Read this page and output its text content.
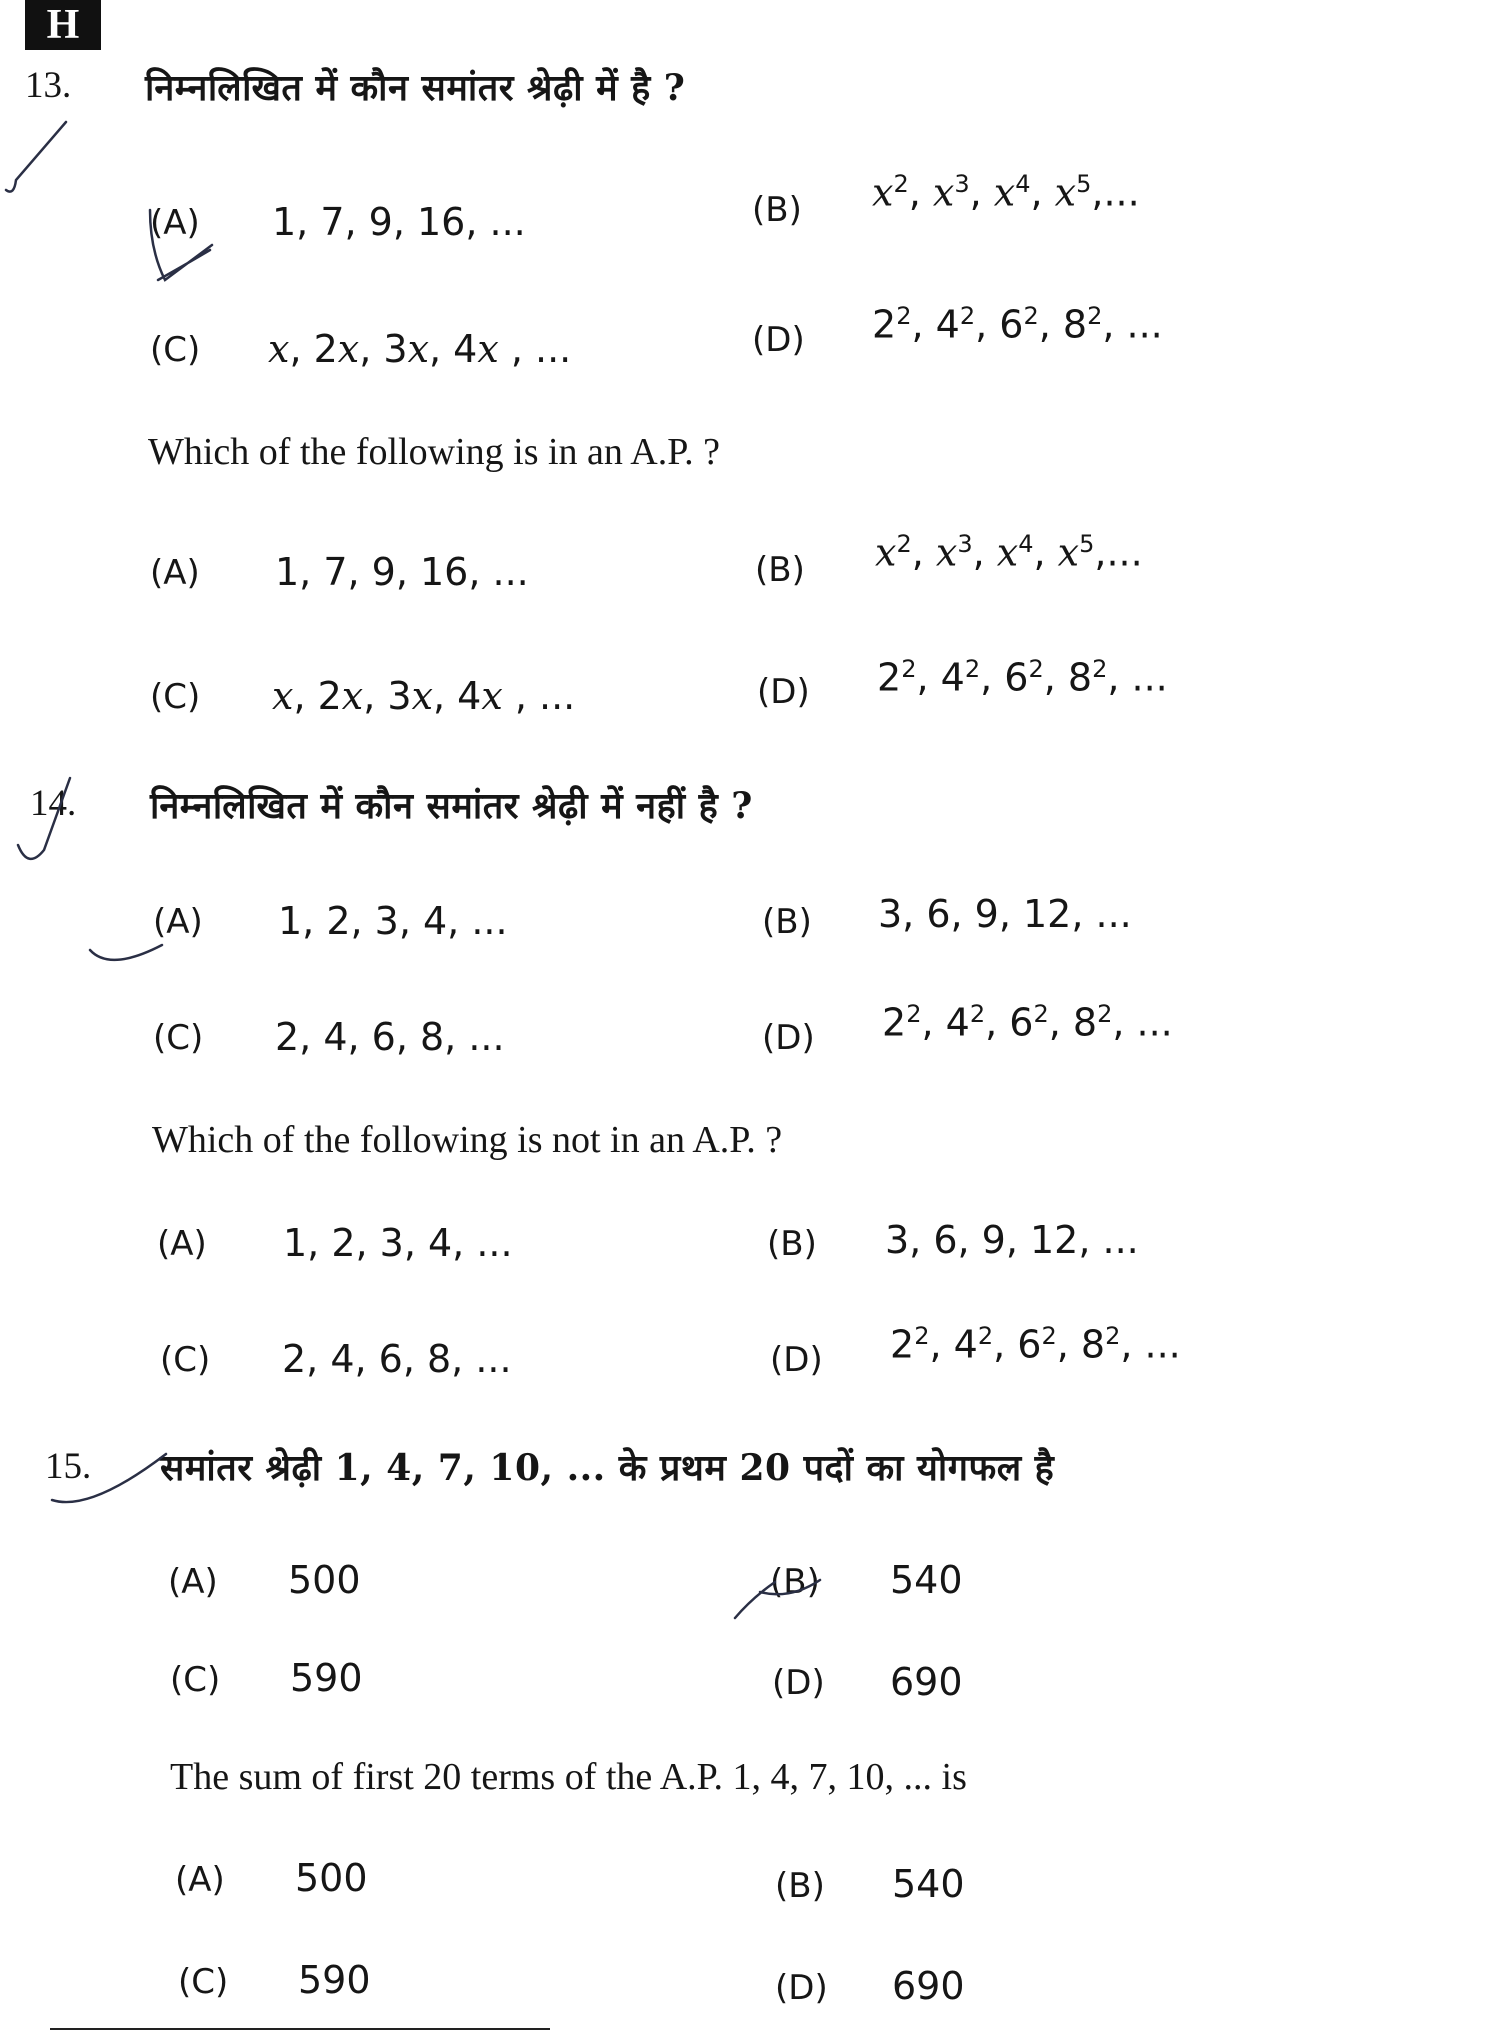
H
13. निम्नलिखित में कौन समांतर श्रेढ़ी में है ?
(A) 1, 7, 9, 16, ...	(B) $x^2$, $x^3$, $x^4$, $x^5$,...
(C) x, 2x, 3x, 4x , ...	(D) $2^2$, $4^2$, $6^2$, $8^2$, ...
Which of the following is in an A.P. ?
(A) 1, 7, 9, 16, ...	(B) $x^2$, $x^3$, $x^4$, $x^5$,...
(C) x, 2x, 3x, 4x , ...	(D) $2^2$, $4^2$, $6^2$, $8^2$, ...
14. निम्नलिखित में कौन समांतर श्रेढ़ी में नहीं है ?
(A) 1, 2, 3, 4, ...	(B) 3, 6, 9, 12, ...
(C) 2, 4, 6, 8, ...	(D) $2^2$, $4^2$, $6^2$, $8^2$, ...
Which of the following is not in an A.P. ?
(A) 1, 2, 3, 4, ...	(B) 3, 6, 9, 12, ...
(C) 2, 4, 6, 8, ...	(D) $2^2$, $4^2$, $6^2$, $8^2$, ...
15. समांतर श्रेढ़ी 1, 4, 7, 10, ... के प्रथम 20 पदों का योगफल है
(A) 500	(B) 540
(C) 590	(D) 690
The sum of first 20 terms of the A.P. 1, 4, 7, 10, ... is
(A) 500	(B) 540
(C) 590	(D) 690
